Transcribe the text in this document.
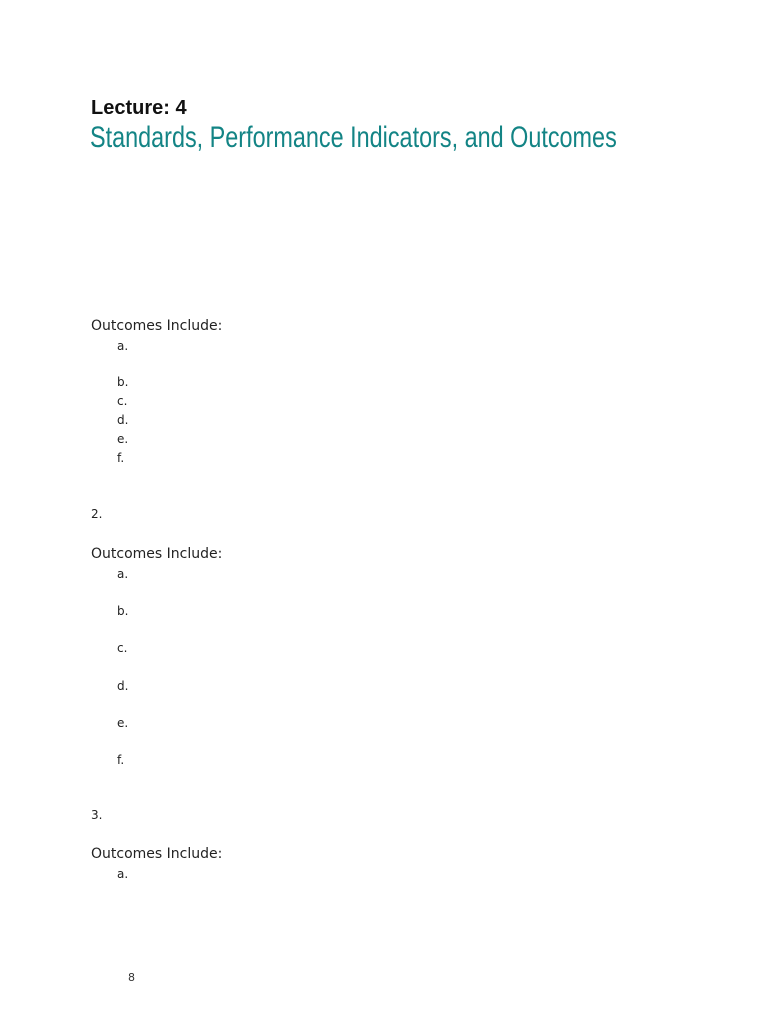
Lecture: 4
Standards, Performance Indicators, and Outcomes
Outcomes Include:
a.
b.
c.
d.
e.
f.
2.
Outcomes Include:
a.
b.
c.
d.
e.
f.
3.
Outcomes Include:
a.
8
